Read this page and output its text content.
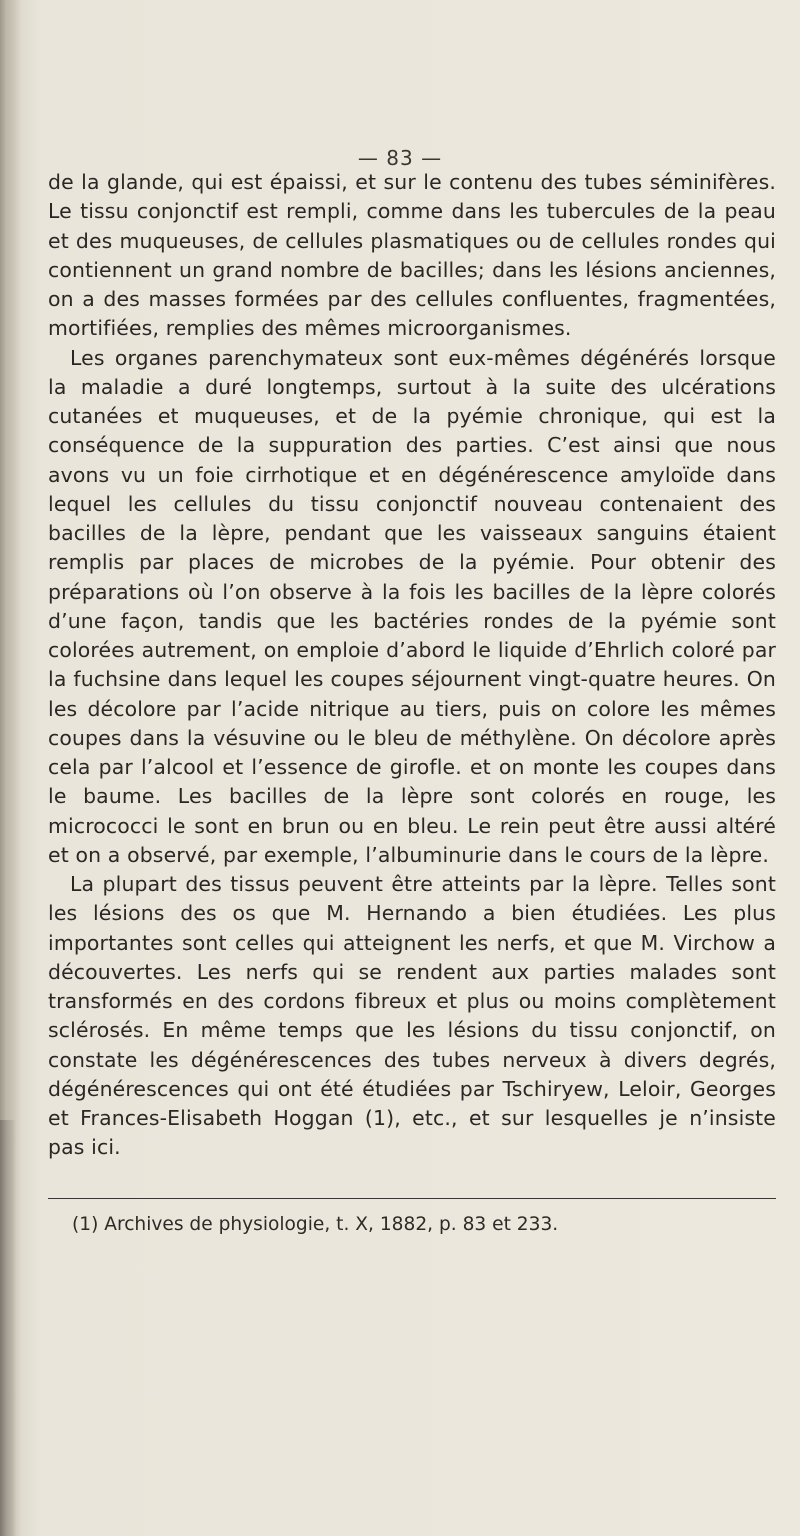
— 83 —

de la glande, qui est épaissi, et sur le contenu des tubes séminifères. Le tissu conjonctif est rempli, comme dans les tubercules de la peau et des muqueuses, de cellules plasmatiques ou de cellules rondes qui contiennent un grand nombre de bacilles; dans les lésions anciennes, on a des masses formées par des cellules confluentes, fragmentées, mortifiées, remplies des mêmes microorganismes.

Les organes parenchymateux sont eux-mêmes dégénérés lorsque la maladie a duré longtemps, surtout à la suite des ulcérations cutanées et muqueuses, et de la pyémie chronique, qui est la conséquence de la suppuration des parties. C’est ainsi que nous avons vu un foie cirrhotique et en dégénérescence amyloïde dans lequel les cellules du tissu conjonctif nouveau contenaient des bacilles de la lèpre, pendant que les vaisseaux sanguins étaient remplis par places de microbes de la pyémie. Pour obtenir des préparations où l’on observe à la fois les bacilles de la lèpre colorés d’une façon, tandis que les bactéries rondes de la pyémie sont colorées autrement, on emploie d’abord le liquide d’Ehrlich coloré par la fuchsine dans lequel les coupes séjournent vingt-quatre heures. On les décolore par l’acide nitrique au tiers, puis on colore les mêmes coupes dans la vésuvine ou le bleu de méthylène. On décolore après cela par l’alcool et l’essence de girofle. et on monte les coupes dans le baume. Les bacilles de la lèpre sont colorés en rouge, les micrococci le sont en brun ou en bleu. Le rein peut être aussi altéré et on a observé, par exemple, l’albuminurie dans le cours de la lèpre.

La plupart des tissus peuvent être atteints par la lèpre. Telles sont les lésions des os que M. Hernando a bien étudiées. Les plus importantes sont celles qui atteignent les nerfs, et que M. Virchow a découvertes. Les nerfs qui se rendent aux parties malades sont transformés en des cordons fibreux et plus ou moins complètement sclérosés. En même temps que les lésions du tissu conjonctif, on constate les dégénérescences des tubes nerveux à divers degrés, dégénérescences qui ont été étudiées par Tschiryew, Leloir, Georges et Frances-Elisabeth Hoggan (1), etc., et sur lesquelles je n’insiste pas ici.

(1) Archives de physiologie, t. X, 1882, p. 83 et 233.
